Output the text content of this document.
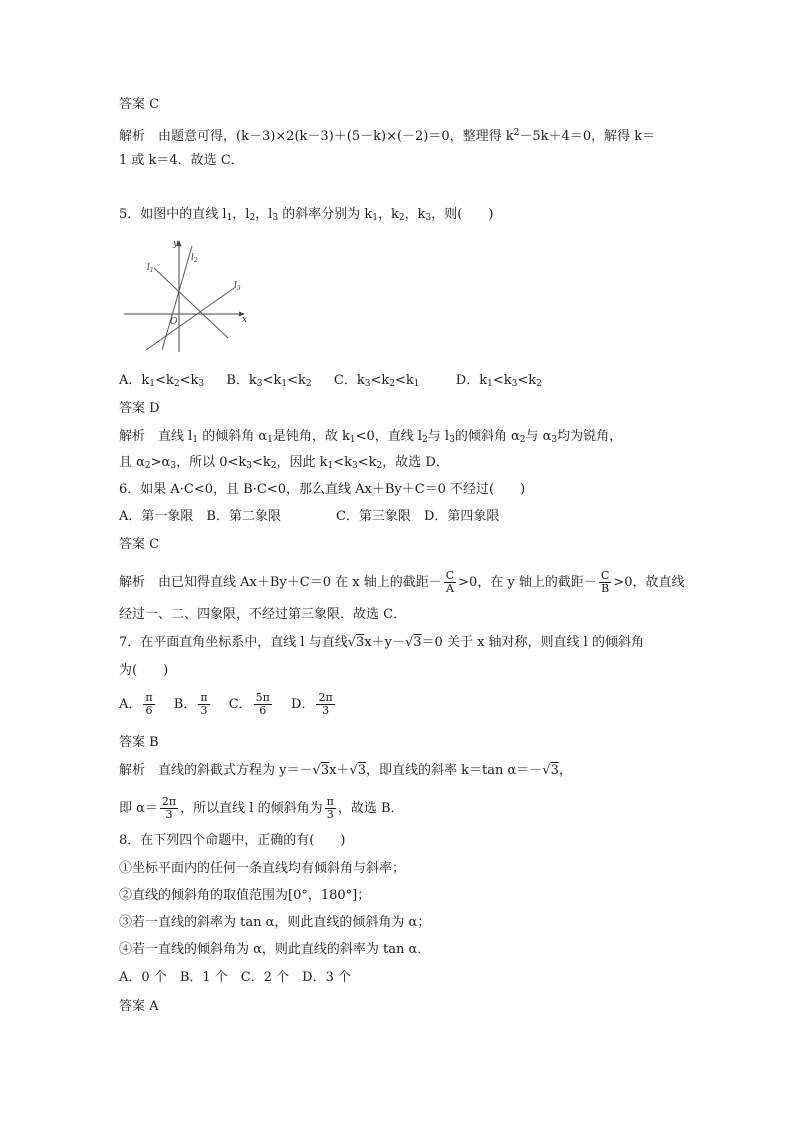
答案 C
解析　 由题意可得，(k－3)×2(k－3)＋(5－k)×(－2)＝0，整理得 $k^2-5k+4=0$，解得 k＝
1 或 k＝4．故选 C．
5．如图中的直线 $l_1$，$l_2$，$l_3$ 的斜率分别为 $k_1$，$k_2$，$k_3$，则(　　)
y
x
O
$l_1$
$l_2$
$l_3$
A．$k_1<k_2<k_3$ B．$k_3<k_1<k_2$ C．$k_3<k_2<k_1$	D．$k_1<k_3<k_2$
答案 D
解析　 直线 $l_1$ 的倾斜角 $\alpha_1$是钝角，故 $k_1<0$，直线 $l_2$与 $l_3$的倾斜角 $\alpha_2$与 $\alpha_3$均为锐角，
且 $\alpha_2>\alpha_3$，所以 $0<k_3<k_2$，因此 $k_1<k_3<k_2$，故选 D．
6．如果 A·C<0，且 B·C<0，那么直线 Ax＋By＋C＝0 不经过(　　)
A．第一象限　 B．第二象限　	C．第三象限　 D．第四象限
答案 C
解析　 由已知得直线 Ax＋By＋C＝0 在 x 轴上的截距－ $\frac{C}{A} >0$，在 y 轴上的截距－ $\frac{C}{B} >0$，故直线
经过一、二、四象限，不经过第三象限．故选 C．
7．在平面直角坐标系中，直线 l 与直线√3x＋y－√3＝0 关于 x 轴对称，则直线 l 的倾斜角
为(　　)
A． $\frac{\pi}{6}$
　 B． $\frac{\pi}{3}$
　 C． $\frac{5\pi}{6}$
　 D． $\frac{2\pi}{3}$
答案 B
解析　 直线的斜截式方程为 y＝－√3x＋√3，即直线的斜率 k＝tan α＝－√3，
即 $\alpha= \frac{2\pi}{3}$ ，所以直线 l 的倾斜角为 $\frac{\pi}{3}$ ，故选 B．
8．在下列四个命题中，正确的有(　　)
①坐标平面内的任何一条直线均有倾斜角与斜率；
②直线的倾斜角的取值范围为[0°，180°]；
③若一直线的斜率为 tan α，则此直线的倾斜角为 α；
④若一直线的倾斜角为 α，则此直线的斜率为 tan α．
A．0 个　 B．1 个　 C．2 个　 D．3 个
答案 A
